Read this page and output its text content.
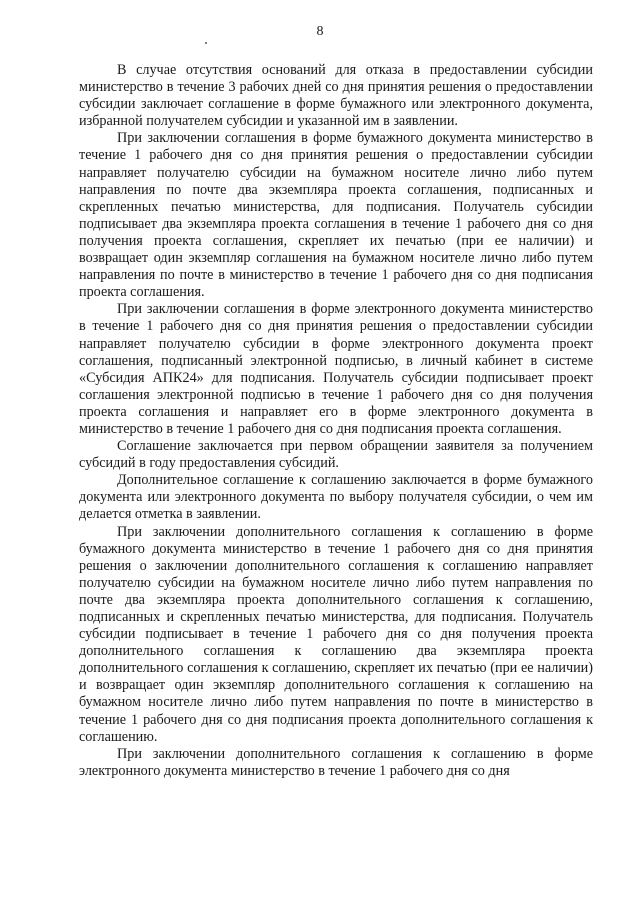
8

В случае отсутствия оснований для отказа в предоставлении субсидии министерство в течение 3 рабочих дней со дня принятия решения о предоставлении субсидии заключает соглашение в форме бумажного или электронного документа, избранной получателем субсидии и указанной им в заявлении.

При заключении соглашения в форме бумажного документа министерство в течение 1 рабочего дня со дня принятия решения о предоставлении субсидии направляет получателю субсидии на бумажном носителе лично либо путем направления по почте два экземпляра проекта соглашения, подписанных и скрепленных печатью министерства, для подписания. Получатель субсидии подписывает два экземпляра проекта соглашения в течение 1 рабочего дня со дня получения проекта соглашения, скрепляет их печатью (при ее наличии) и возвращает один экземпляр соглашения на бумажном носителе лично либо путем направления по почте в министерство в течение 1 рабочего дня со дня подписания проекта соглашения.

При заключении соглашения в форме электронного документа министерство в течение 1 рабочего дня со дня принятия решения о предоставлении субсидии направляет получателю субсидии в форме электронного документа проект соглашения, подписанный электронной подписью, в личный кабинет в системе «Субсидия АПК24» для подписания. Получатель субсидии подписывает проект соглашения электронной подписью в течение 1 рабочего дня со дня получения проекта соглашения и направляет его в форме электронного документа в министерство в течение 1 рабочего дня со дня подписания проекта соглашения.

Соглашение заключается при первом обращении заявителя за получением субсидий в году предоставления субсидий.

Дополнительное соглашение к соглашению заключается в форме бумажного документа или электронного документа по выбору получателя субсидии, о чем им делается отметка в заявлении.

При заключении дополнительного соглашения к соглашению в форме бумажного документа министерство в течение 1 рабочего дня со дня принятия решения о заключении дополнительного соглашения к соглашению направляет получателю субсидии на бумажном носителе лично либо путем направления по почте два экземпляра проекта дополнительного соглашения к соглашению, подписанных и скрепленных печатью министерства, для подписания. Получатель субсидии подписывает в течение 1 рабочего дня со дня получения проекта дополнительного соглашения к соглашению два экземпляра проекта дополнительного соглашения к соглашению, скрепляет их печатью (при ее наличии) и возвращает один экземпляр дополнительного соглашения к соглашению на бумажном носителе лично либо путем направления по почте в министерство в течение 1 рабочего дня со дня подписания проекта дополнительного соглашения к соглашению.

При заключении дополнительного соглашения к соглашению в форме электронного документа министерство в течение 1 рабочего дня со дня
